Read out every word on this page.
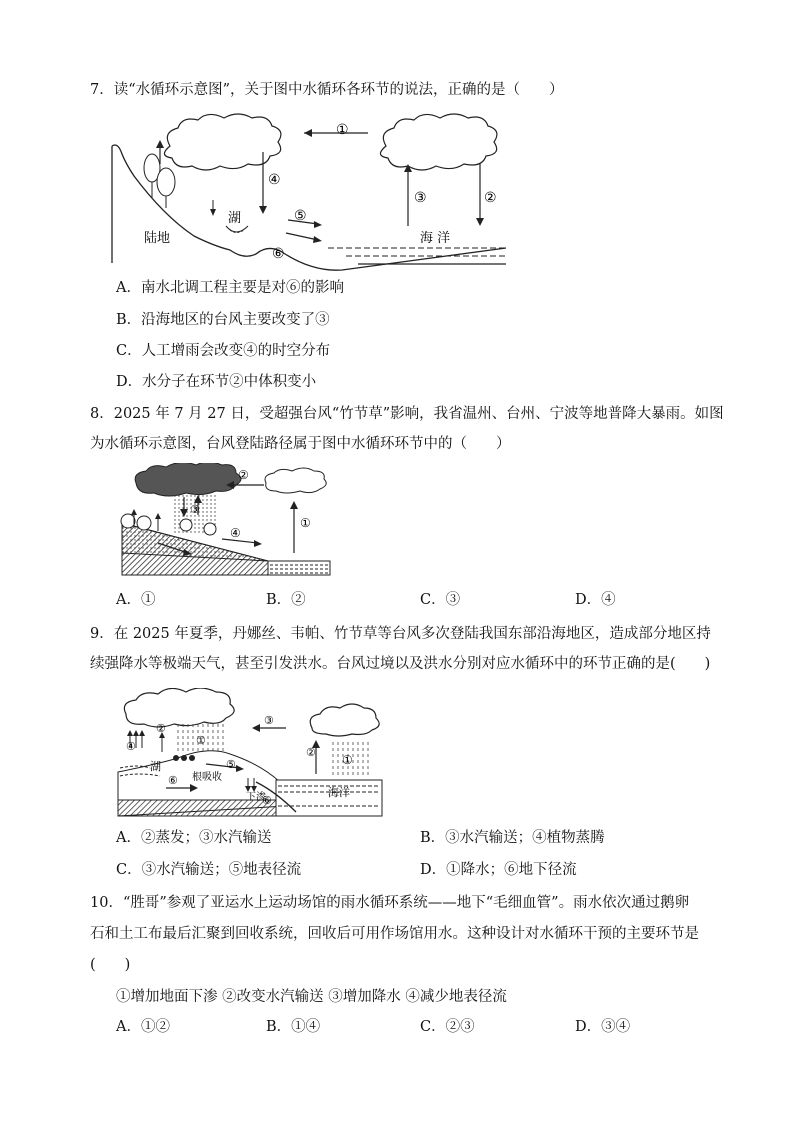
7．读“水循环示意图”，关于图中水循环各环节的说法，正确的是（　　）
①
④
③	②
⑤
⑥
湖
陆地	海 洋
A．南水北调工程主要是对⑥的影响
B．沿海地区的台风主要改变了③
C．人工增雨会改变④的时空分布
D．水分子在环节②中体积变小
8．2025 年 7 月 27 日，受超强台风“竹节草”影响，我省温州、台州、宁波等地普降大暴雨。如图
为水循环示意图，台风登陆路径属于图中水循环环节中的（　　）
①
②
③
④
A．①	B．②	C．③	D．④
9．在 2025 年夏季，丹娜丝、韦帕、竹节草等台风多次登陆我国东部沿海地区，造成部分地区持
续强降水等极端天气，甚至引发洪水。台风过境以及洪水分别对应水循环中的环节正确的是(　　)
①
①
②
②
③
④
⑤
⑥
⑥
湖
根吸收
下渗	海洋
A．②蒸发；③水汽输送	B．③水汽输送；④植物蒸腾
C．③水汽输送；⑤地表径流	D．①降水；⑥地下径流
10．“胜哥”参观了亚运水上运动场馆的雨水循环系统——地下“毛细血管”。雨水依次通过鹅卵
石和土工布最后汇聚到回收系统，回收后可用作场馆用水。这种设计对水循环干预的主要环节是
(　　)
①增加地面下渗 ②改变水汽输送 ③增加降水 ④减少地表径流
A．①②	B．①④	C．②③	D．③④
